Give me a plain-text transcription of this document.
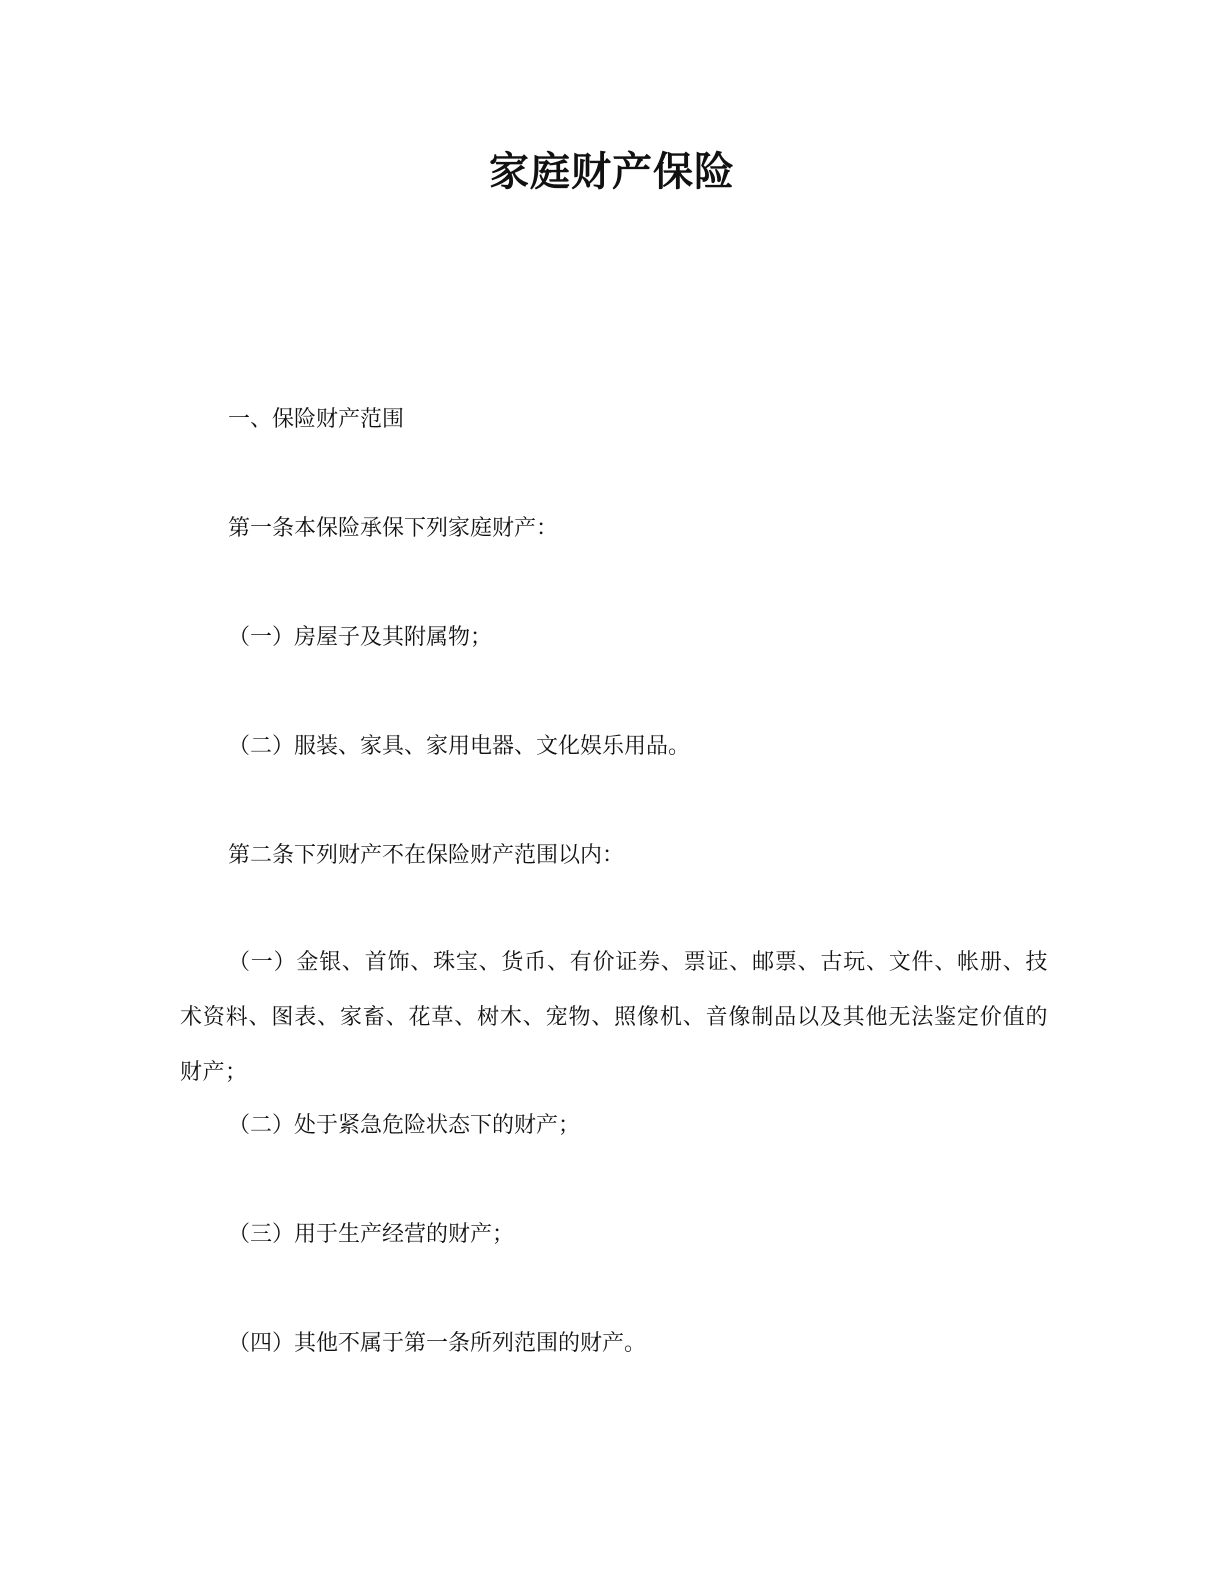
家庭财产保险

一、保险财产范围

第一条本保险承保下列家庭财产：

（一）房屋子及其附属物；

（二）服装、家具、家用电器、文化娱乐用品。

第二条下列财产不在保险财产范围以内：

（一）金银、首饰、珠宝、货币、有价证券、票证、邮票、古玩、文件、帐册、技术资料、图表、家畜、花草、树木、宠物、照像机、音像制品以及其他无法鉴定价值的财产；

（二）处于紧急危险状态下的财产；

（三）用于生产经营的财产；

（四）其他不属于第一条所列范围的财产。
